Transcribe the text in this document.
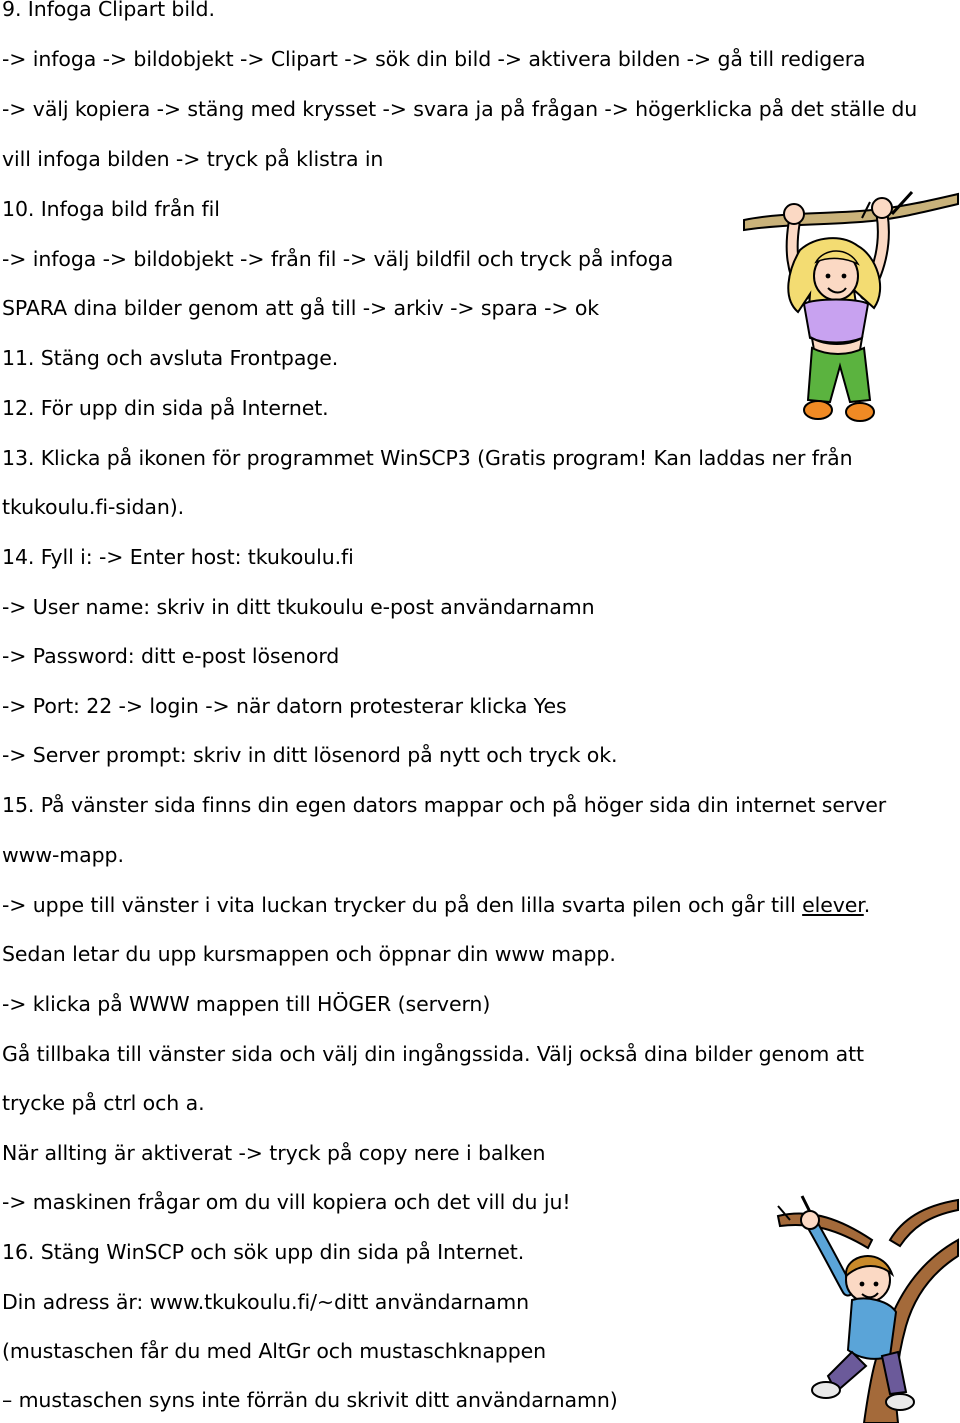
9. Infoga Clipart bild.
-> infoga -> bildobjekt -> Clipart -> sök din bild -> aktivera bilden -> gå till redigera
-> välj kopiera -> stäng med krysset -> svara ja på frågan -> högerklicka på det ställe du
vill infoga bilden -> tryck på klistra in
10. Infoga bild från fil
-> infoga -> bildobjekt -> från fil -> välj bildfil och tryck på infoga
SPARA dina bilder genom att gå till -> arkiv -> spara -> ok
11. Stäng och avsluta Frontpage.
12. För upp din sida på Internet.
13. Klicka på ikonen för programmet WinSCP3 (Gratis program! Kan laddas ner från
tkukoulu.fi-sidan).
14. Fyll i: -> Enter host: tkukoulu.fi
-> User name: skriv in ditt tkukoulu e-post användarnamn
-> Password: ditt e-post lösenord
-> Port: 22 -> login -> när datorn protesterar klicka Yes
-> Server prompt: skriv in ditt lösenord på nytt och tryck ok.
15. På vänster sida finns din egen dators mappar och på höger sida din internet server
www-mapp.
-> uppe till vänster i vita luckan trycker du på den lilla svarta pilen och går till elever.
Sedan letar du upp kursmappen och öppnar din www mapp.
-> klicka på WWW mappen till HÖGER (servern)
Gå tillbaka till vänster sida och välj din ingångssida. Välj också dina bilder genom att
trycke på ctrl och a.
När allting är aktiverat -> tryck på copy nere i balken
-> maskinen frågar om du vill kopiera och det vill du ju!
16. Stäng WinSCP och sök upp din sida på Internet.
Din adress är: www.tkukoulu.fi/~ditt användarnamn
(mustaschen får du med AltGr och mustaschknappen
– mustaschen syns inte förrän du skrivit ditt användarnamn)
